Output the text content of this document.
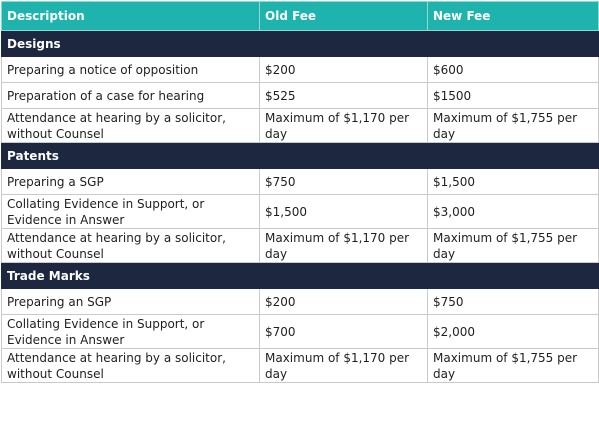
Description	Old Fee	New Fee
Designs		
Preparing a notice of opposition	$200	$600
Preparation of a case for hearing	$525	$1500
Attendance at hearing by a solicitor, without Counsel	Maximum of $1,170 per day	Maximum of $1,755 per day
Patents		
Preparing a SGP	$750	$1,500
Collating Evidence in Support, or Evidence in Answer	$1,500	$3,000
Attendance at hearing by a solicitor, without Counsel	Maximum of $1,170 per day	Maximum of $1,755 per day
Trade Marks		
Preparing an SGP	$200	$750
Collating Evidence in Support, or Evidence in Answer	$700	$2,000
Attendance at hearing by a solicitor, without Counsel	Maximum of $1,170 per day	Maximum of $1,755 per day
